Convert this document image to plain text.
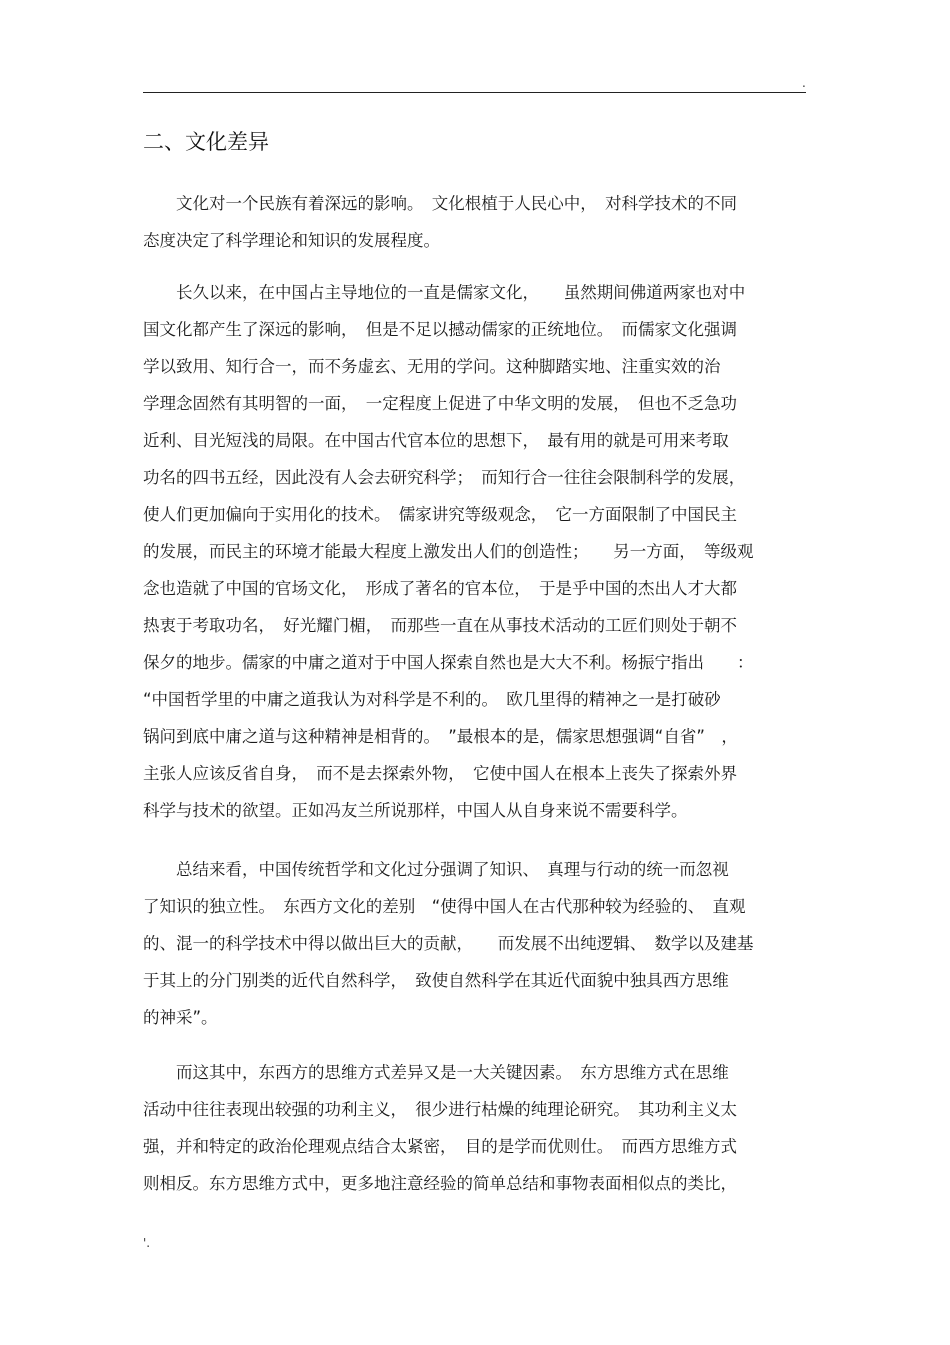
.
二、文化差异
　　文化对一个民族有着深远的影响。　文化根植于人民心中，　对科学技术的不同
态度决定了科学理论和知识的发展程度。
　　长久以来，在中国占主导地位的一直是儒家文化，　　虽然期间佛道两家也对中
国文化都产生了深远的影响，　但是不足以撼动儒家的正统地位。　而儒家文化强调
学以致用、知行合一，而不务虚玄、无用的学问。这种脚踏实地、注重实效的治
学理念固然有其明智的一面，　一定程度上促进了中华文明的发展，　但也不乏急功
近利、目光短浅的局限。在中国古代官本位的思想下，　最有用的就是可用来考取
功名的四书五经，因此没有人会去研究科学；　而知行合一往往会限制科学的发展，
使人们更加偏向于实用化的技术。　儒家讲究等级观念，　它一方面限制了中国民主
的发展，而民主的环境才能最大程度上激发出人们的创造性；　　另一方面，　等级观
念也造就了中国的官场文化，　形成了著名的官本位，　于是乎中国的杰出人才大都
热衷于考取功名，　好光耀门楣，　而那些一直在从事技术活动的工匠们则处于朝不
保夕的地步。儒家的中庸之道对于中国人探索自然也是大大不利。杨振宁指出　　：
“中国哲学里的中庸之道我认为对科学是不利的。　欧几里得的精神之一是打破砂
锅问到底中庸之道与这种精神是相背的。　”最根本的是，儒家思想强调“自省”　，
主张人应该反省自身，　而不是去探索外物，　它使中国人在根本上丧失了探索外界
科学与技术的欲望。正如冯友兰所说那样，中国人从自身来说不需要科学。
　　总结来看，中国传统哲学和文化过分强调了知识、　真理与行动的统一而忽视
了知识的独立性。　东西方文化的差别　“使得中国人在古代那种较为经验的、　直观
的、混一的科学技术中得以做出巨大的贡献，　　而发展不出纯逻辑、　数学以及建基
于其上的分门别类的近代自然科学，　致使自然科学在其近代面貌中独具西方思维
的神采”。
　　而这其中，东西方的思维方式差异又是一大关键因素。　东方思维方式在思维
活动中往往表现出较强的功利主义，　很少进行枯燥的纯理论研究。　其功利主义太
强，并和特定的政治伦理观点结合太紧密，　目的是学而优则仕。　而西方思维方式
则相反。东方思维方式中，更多地注意经验的简单总结和事物表面相似点的类比，
'.
